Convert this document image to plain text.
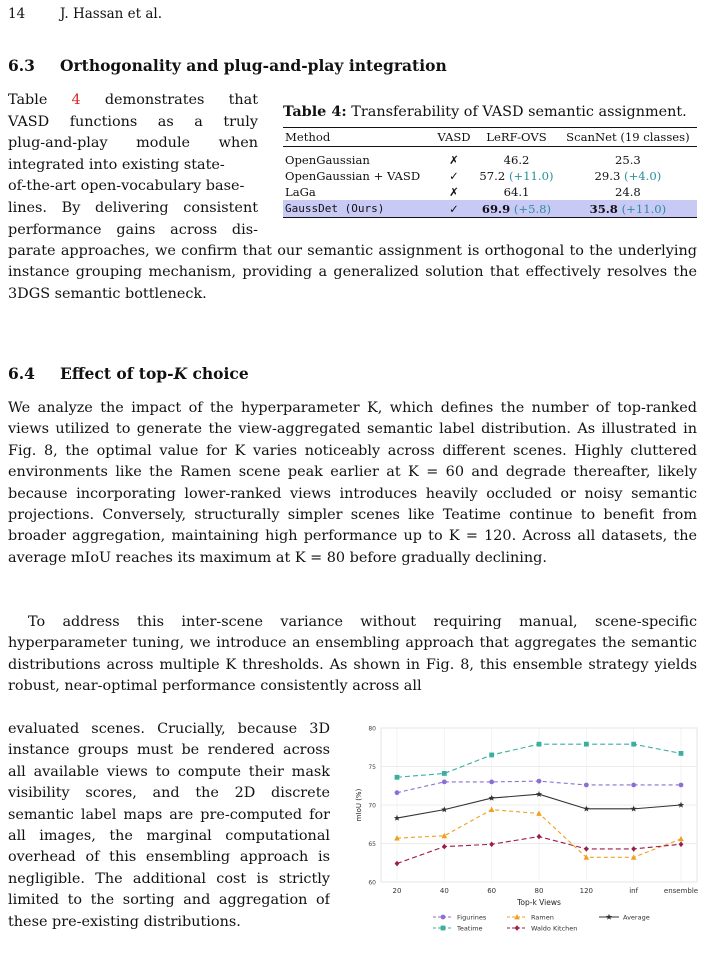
14	J. Hassan et al.
6.3 Orthogonality and plug-and-play integration
Table 4 demonstrates that
VASD functions as a truly
plug-and-play module when
integrated into existing state-
of-the-art open-vocabulary base-
lines. By delivering consistent
performance gains across dis-
Table 4: Transferability of VASD semantic assignment.
Method	VASD	LeRF-OVS	ScanNet (19 classes)
OpenGaussian	✗	46.2	25.3
OpenGaussian + VASD	✓	57.2 (+11.0)	29.3 (+4.0)
LaGa	✗	64.1	24.8
GaussDet (Ours)	✓	69.9 (+5.8)	35.8 (+11.0)

parate approaches, we confirm that our semantic assignment is orthogonal to the underlying instance grouping mechanism, providing a generalized solution that effectively resolves the 3DGS semantic bottleneck.

6.4 Effect of top-K choice

We analyze the impact of the hyperparameter K, which defines the number of top-ranked views utilized to generate the view-aggregated semantic label distribution. As illustrated in Fig. 8, the optimal value for K varies noticeably across different scenes. Highly cluttered environments like the Ramen scene peak earlier at K = 60 and degrade thereafter, likely because incorporating lower-ranked views introduces heavily occluded or noisy semantic projections. Conversely, structurally simpler scenes like Teatime continue to benefit from broader aggregation, maintaining high performance up to K = 120. Across all datasets, the average mIoU reaches its maximum at K = 80 before gradually declining.

To address this inter-scene variance without requiring manual, scene-specific hyperparameter tuning, we introduce an ensembling approach that aggregates the semantic distributions across multiple K thresholds. As shown in Fig. 8, this ensemble strategy yields robust, near-optimal performance consistently across all

evaluated scenes. Crucially, because 3D instance groups must be rendered across all available views to compute their mask visibility scores, and the 2D discrete semantic label maps are pre-computed for all images, the marginal computational overhead of this ensembling approach is negligible. The additional cost is strictly limited to the sorting and aggregation of these pre-existing distributions.

60
65
70
75
80
20	40	60	80	120	inf	ensemble
Top-k Views
mIoU (%)
Figurines
Teatime
Ramen
Waldo Kitchen
Average
